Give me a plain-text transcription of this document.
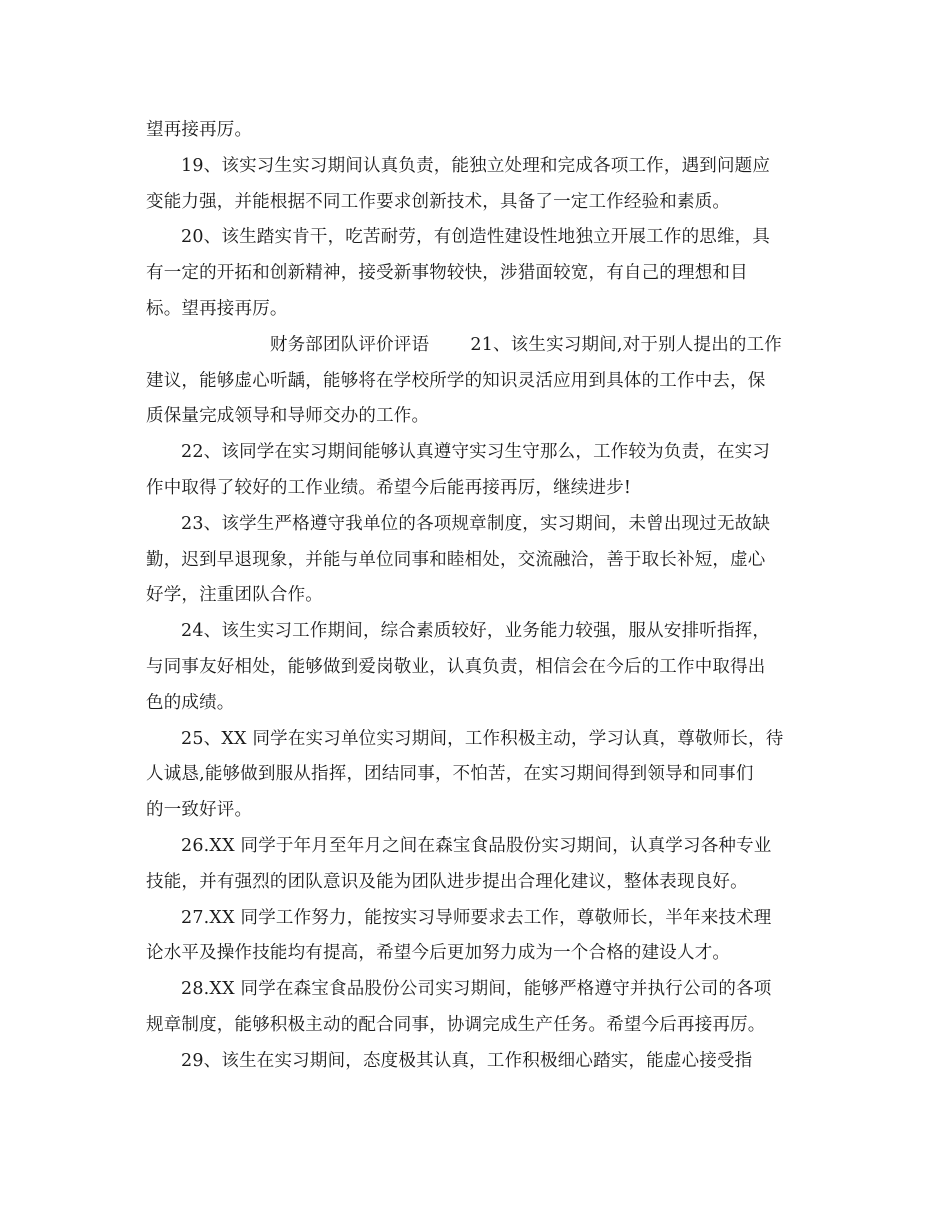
望再接再厉。
19、该实习生实习期间认真负责，能独立处理和完成各项工作，遇到问题应
变能力强，并能根据不同工作要求创新技术，具备了一定工作经验和素质。
20、该生踏实肯干，吃苦耐劳，有创造性建设性地独立开展工作的思维，具
有一定的开拓和创新精神，接受新事物较快，涉猎面较宽，有自己的理想和目
标。望再接再厉。
　　　　　　　财务部团队评价评语　　 21、该生实习期间,对于别人提出的工作
建议，能够虚心听龋，能够将在学校所学的知识灵活应用到具体的工作中去，保
质保量完成领导和导师交办的工作。
22、该同学在实习期间能够认真遵守实习生守那么，工作较为负责，在实习
作中取得了较好的工作业绩。希望今后能再接再厉，继续进步!
23、该学生严格遵守我单位的各项规章制度，实习期间，未曾出现过无故缺
勤，迟到早退现象，并能与单位同事和睦相处，交流融洽，善于取长补短，虚心
好学，注重团队合作。
24、该生实习工作期间，综合素质较好，业务能力较强，服从安排听指挥，
与同事友好相处，能够做到爱岗敬业，认真负责，相信会在今后的工作中取得出
色的成绩。
25、XX 同学在实习单位实习期间，工作积极主动，学习认真，尊敬师长，待
人诚恳,能够做到服从指挥，团结同事，不怕苦，在实习期间得到领导和同事们
的一致好评。
26.XX 同学于年月至年月之间在森宝食品股份实习期间，认真学习各种专业
技能，并有强烈的团队意识及能为团队进步提出合理化建议，整体表现良好。
27.XX 同学工作努力，能按实习导师要求去工作，尊敬师长，半年来技术理
论水平及操作技能均有提高，希望今后更加努力成为一个合格的建设人才。
28.XX 同学在森宝食品股份公司实习期间，能够严格遵守并执行公司的各项
规章制度，能够积极主动的配合同事，协调完成生产任务。希望今后再接再厉。
29、该生在实习期间，态度极其认真，工作积极细心踏实，能虚心接受指
